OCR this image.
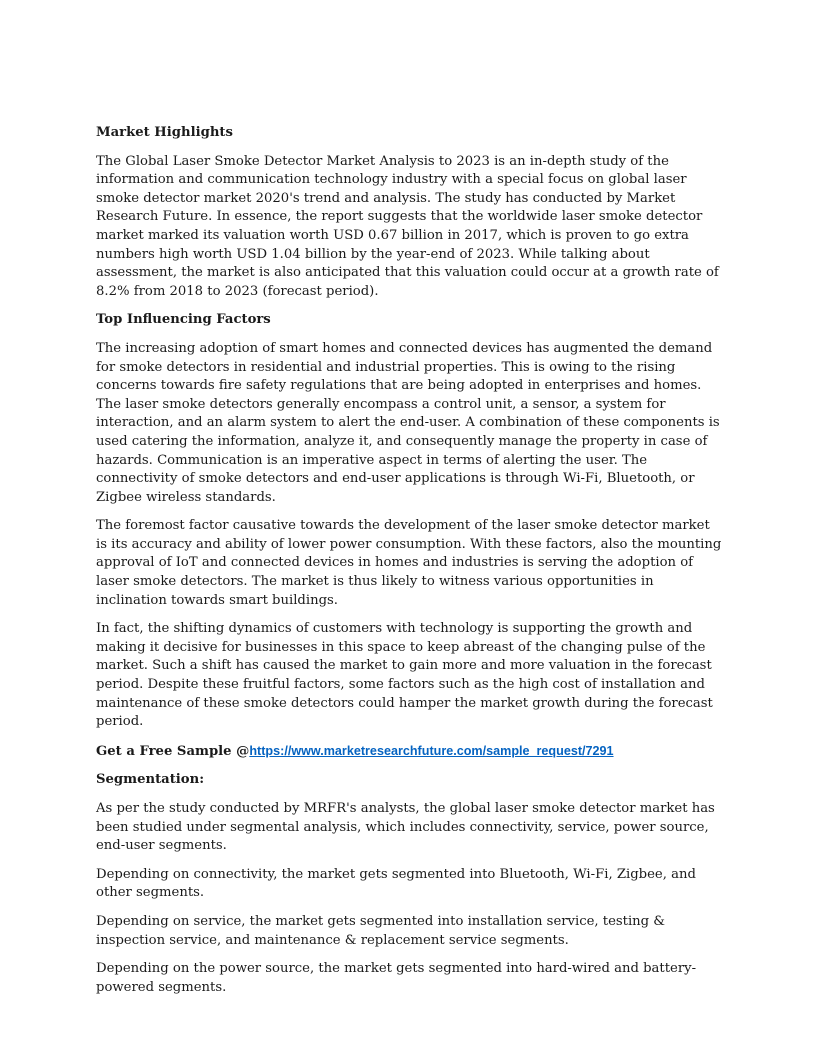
Market Highlights

The Global Laser Smoke Detector Market Analysis to 2023 is an in-depth study of the information and communication technology industry with a special focus on global laser smoke detector market 2020's trend and analysis. The study has conducted by Market Research Future. In essence, the report suggests that the worldwide laser smoke detector market marked its valuation worth USD 0.67 billion in 2017, which is proven to go extra numbers high worth USD 1.04 billion by the year-end of 2023. While talking about assessment, the market is also anticipated that this valuation could occur at a growth rate of 8.2% from 2018 to 2023 (forecast period).

Top Influencing Factors

The increasing adoption of smart homes and connected devices has augmented the demand for smoke detectors in residential and industrial properties. This is owing to the rising concerns towards fire safety regulations that are being adopted in enterprises and homes. The laser smoke detectors generally encompass a control unit, a sensor, a system for interaction, and an alarm system to alert the end-user. A combination of these components is used catering the information, analyze it, and consequently manage the property in case of hazards. Communication is an imperative aspect in terms of alerting the user. The connectivity of smoke detectors and end-user applications is through Wi-Fi, Bluetooth, or Zigbee wireless standards.

The foremost factor causative towards the development of the laser smoke detector market is its accuracy and ability of lower power consumption. With these factors, also the mounting approval of IoT and connected devices in homes and industries is serving the adoption of laser smoke detectors. The market is thus likely to witness various opportunities in inclination towards smart buildings.

In fact, the shifting dynamics of customers with technology is supporting the growth and making it decisive for businesses in this space to keep abreast of the changing pulse of the market. Such a shift has caused the market to gain more and more valuation in the forecast period. Despite these fruitful factors, some factors such as the high cost of installation and maintenance of these smoke detectors could hamper the market growth during the forecast period.

Get a Free Sample @https://www.marketresearchfuture.com/sample_request/7291
Segmentation:

As per the study conducted by MRFR's analysts, the global laser smoke detector market has been studied under segmental analysis, which includes connectivity, service, power source, end-user segments.

Depending on connectivity, the market gets segmented into Bluetooth, Wi-Fi, Zigbee, and other segments.

Depending on service, the market gets segmented into installation service, testing & inspection service, and maintenance & replacement service segments.

Depending on the power source, the market gets segmented into hard-wired and battery-powered segments.
